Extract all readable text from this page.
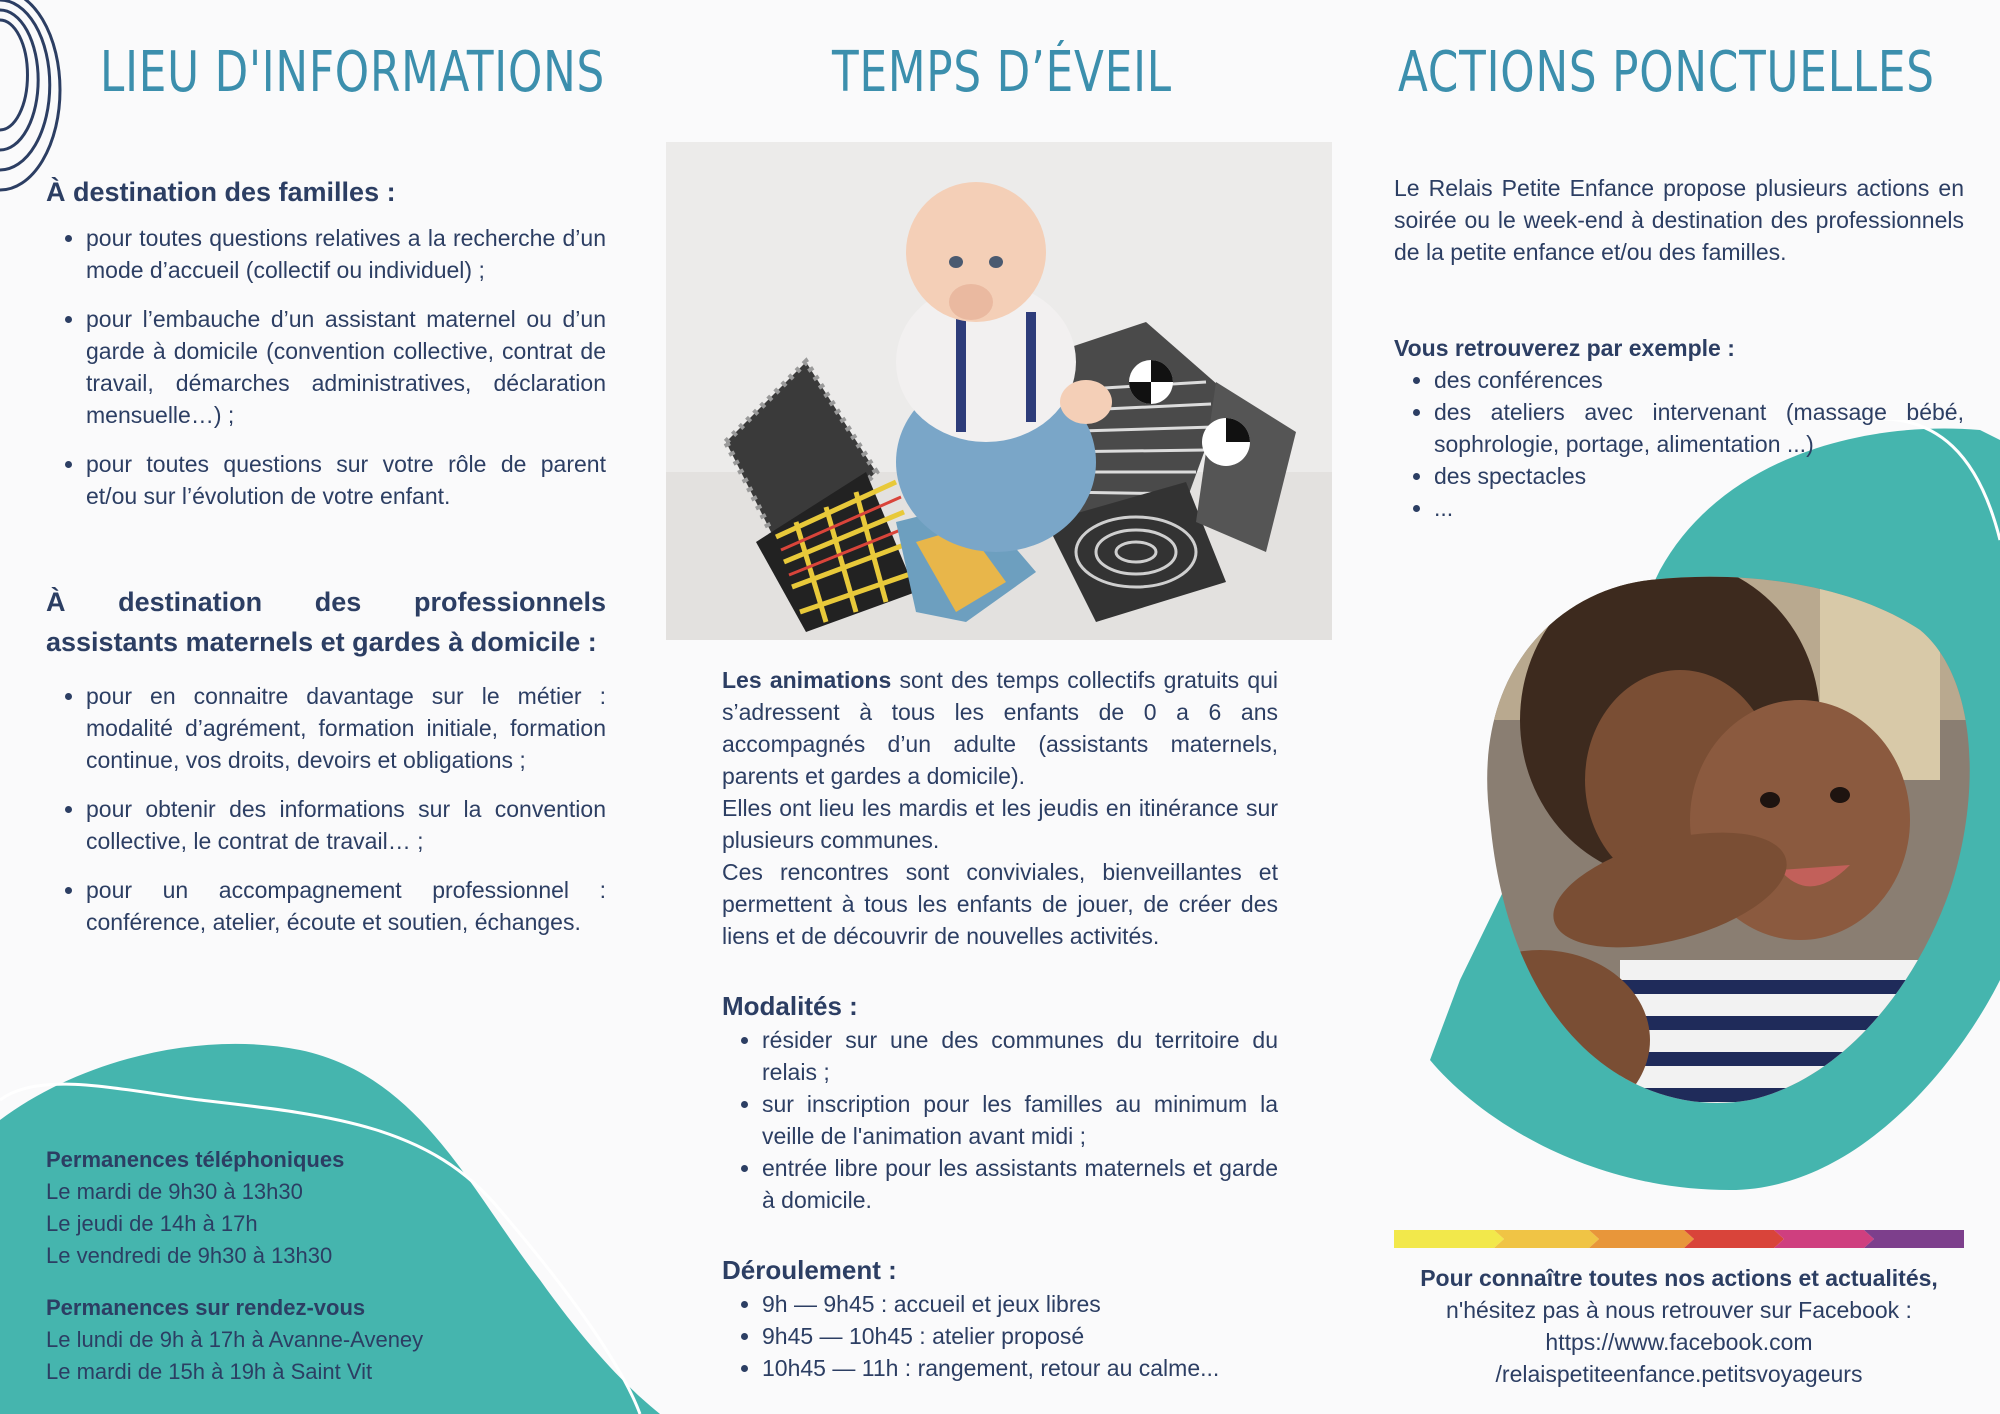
LIEU D'INFORMATIONS

À destination des familles :

• pour toutes questions relatives a la recherche d’un mode d’accueil (collectif ou individuel) ;
• pour l’embauche d’un assistant maternel ou d’un garde à domicile (convention collective, contrat de travail, démarches administratives, déclaration mensuelle…) ;
• pour toutes questions sur votre rôle de parent et/ou sur l’évolution de votre enfant.

À destination des professionnels
assistants maternels et gardes à domicile :

• pour en connaitre davantage sur le métier : modalité d’agrément, formation initiale, formation continue, vos droits, devoirs et obligations ;
• pour obtenir des informations sur la convention collective, le contrat de travail… ;
• pour un accompagnement professionnel : conférence, atelier, écoute et soutien, échanges.
Permanences téléphoniques
Le mardi de 9h30 à 13h30
Le jeudi de 14h à 17h
Le vendredi de 9h30 à 13h30
Permanences sur rendez-vous
Le lundi de 9h à 17h à Avanne-Aveney
Le mardi de 15h à 19h à Saint Vit
TEMPS D’ÉVEIL

Les animations sont des temps collectifs gratuits qui s’adressent à tous les enfants de 0 a 6 ans accompagnés d’un adulte (assistants maternels, parents et gardes a domicile).

Elles ont lieu les mardis et les jeudis en itinérance sur plusieurs communes.

Ces rencontres sont conviviales, bienveillantes et permettent à tous les enfants de jouer, de créer des liens et de découvrir de nouvelles activités.

Modalités :

• résider sur une des communes du territoire du relais ;
• sur inscription pour les familles au minimum la veille de l'animation avant midi ;
• entrée libre pour les assistants maternels et garde à domicile.

Déroulement :

• 9h — 9h45 : accueil et jeux libres
• 9h45 — 10h45 : atelier proposé
• 10h45 — 11h : rangement, retour au calme...
ACTIONS PONCTUELLES

Le Relais Petite Enfance propose plusieurs actions en soirée ou le week-end à destination des professionnels de la petite enfance et/ou des familles.

Vous retrouverez par exemple :

• des conférences
• des ateliers avec intervenant (massage bébé, sophrologie, portage, alimentation ...)
• des spectacles
• ...
Pour connaître toutes nos actions et actualités,
n'hésitez pas à nous retrouver sur Facebook :
https://www.facebook.com
/relaispetiteenfance.petitsvoyageurs
